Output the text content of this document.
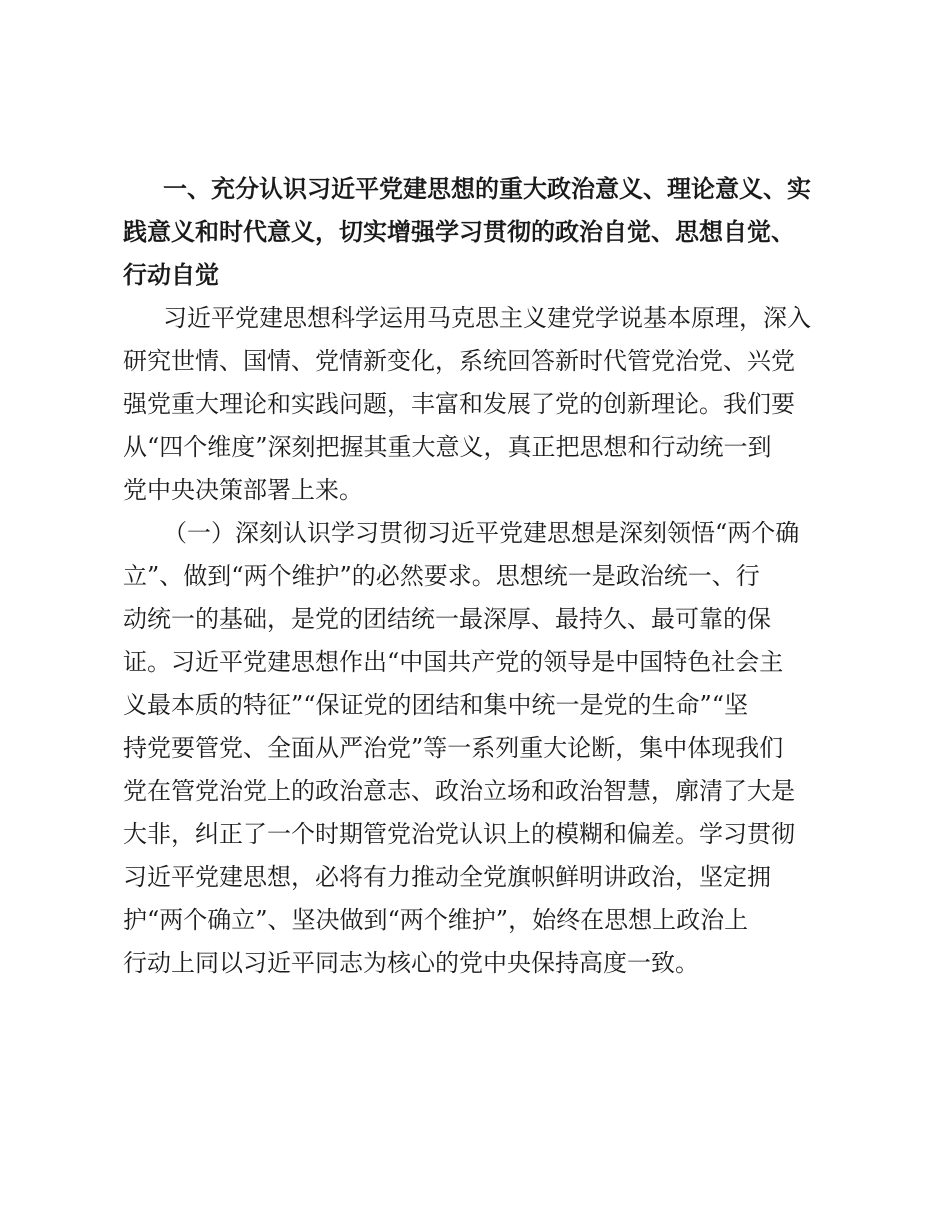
一、充分认识习近平党建思想的重大政治意义、理论意义、实
践意义和时代意义，切实增强学习贯彻的政治自觉、思想自觉、
行动自觉

习近平党建思想科学运用马克思主义建党学说基本原理，深入
研究世情、国情、党情新变化，系统回答新时代管党治党、兴党
强党重大理论和实践问题，丰富和发展了党的创新理论。我们要
从“四个维度”深刻把握其重大意义，真正把思想和行动统一到
党中央决策部署上来。

（一）深刻认识学习贯彻习近平党建思想是深刻领悟“两个确
立”、做到“两个维护”的必然要求。思想统一是政治统一、行
动统一的基础，是党的团结统一最深厚、最持久、最可靠的保
证。习近平党建思想作出“中国共产党的领导是中国特色社会主
义最本质的特征”“保证党的团结和集中统一是党的生命”“坚
持党要管党、全面从严治党”等一系列重大论断，集中体现我们
党在管党治党上的政治意志、政治立场和政治智慧，廓清了大是
大非，纠正了一个时期管党治党认识上的模糊和偏差。学习贯彻
习近平党建思想，必将有力推动全党旗帜鲜明讲政治，坚定拥
护“两个确立”、坚决做到“两个维护”，始终在思想上政治上
行动上同以习近平同志为核心的党中央保持高度一致。
